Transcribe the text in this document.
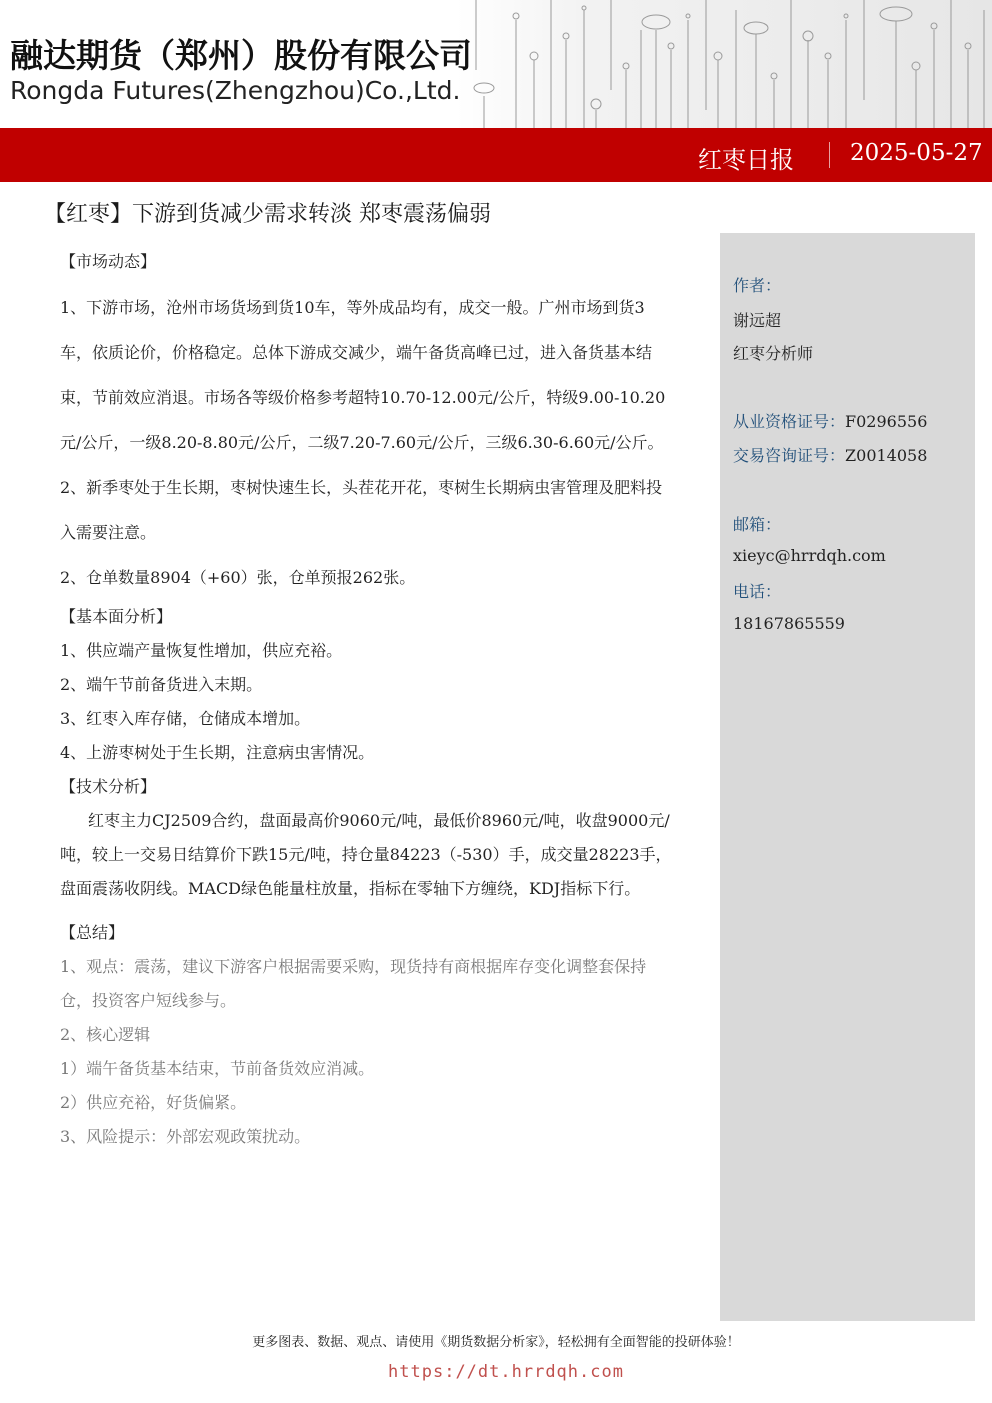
融达期货（郑州）股份有限公司
Rongda Futures(Zhengzhou)Co.,Ltd.
红枣日报 2025-05-27
【红枣】下游到货减少需求转淡 郑枣震荡偏弱
【市场动态】

1、下游市场，沧州市场货场到货10车，等外成品均有，成交一般。广州市场到货3车，依质论价，价格稳定。总体下游成交减少，端午备货高峰已过，进入备货基本结束，节前效应消退。市场各等级价格参考超特10.70-12.00元/公斤，特级9.00-10.20元/公斤，一级8.20-8.80元/公斤，二级7.20-7.60元/公斤，三级6.30-6.60元/公斤。

2、新季枣处于生长期，枣树快速生长，头茬花开花，枣树生长期病虫害管理及肥料投入需要注意。

2、仓单数量8904（+60）张，仓单预报262张。

【基本面分析】

1、供应端产量恢复性增加，供应充裕。

2、端午节前备货进入末期。

3、红枣入库存储，仓储成本增加。

4、上游枣树处于生长期，注意病虫害情况。

【技术分析】

红枣主力CJ2509合约，盘面最高价9060元/吨，最低价8960元/吨，收盘9000元/吨，较上一交易日结算价下跌15元/吨，持仓量84223（-530）手，成交量28223手，盘面震荡收阴线。MACD绿色能量柱放量，指标在零轴下方缠绕，KDJ指标下行。

【总结】

1、观点：震荡，建议下游客户根据需要采购，现货持有商根据库存变化调整套保持仓，投资客户短线参与。

2、核心逻辑

1）端午备货基本结束，节前备货效应消减。

2）供应充裕，好货偏紧。

3、风险提示：外部宏观政策扰动。

作者：
谢远超
红枣分析师
从业资格证号：F0296556
交易咨询证号：Z0014058
邮箱：
xieyc@hrrdqh.com
电话：
18167865559
更多图表、数据、观点、请使用《期货数据分析家》，轻松拥有全面智能的投研体验！
https://dt.hrrdqh.com
